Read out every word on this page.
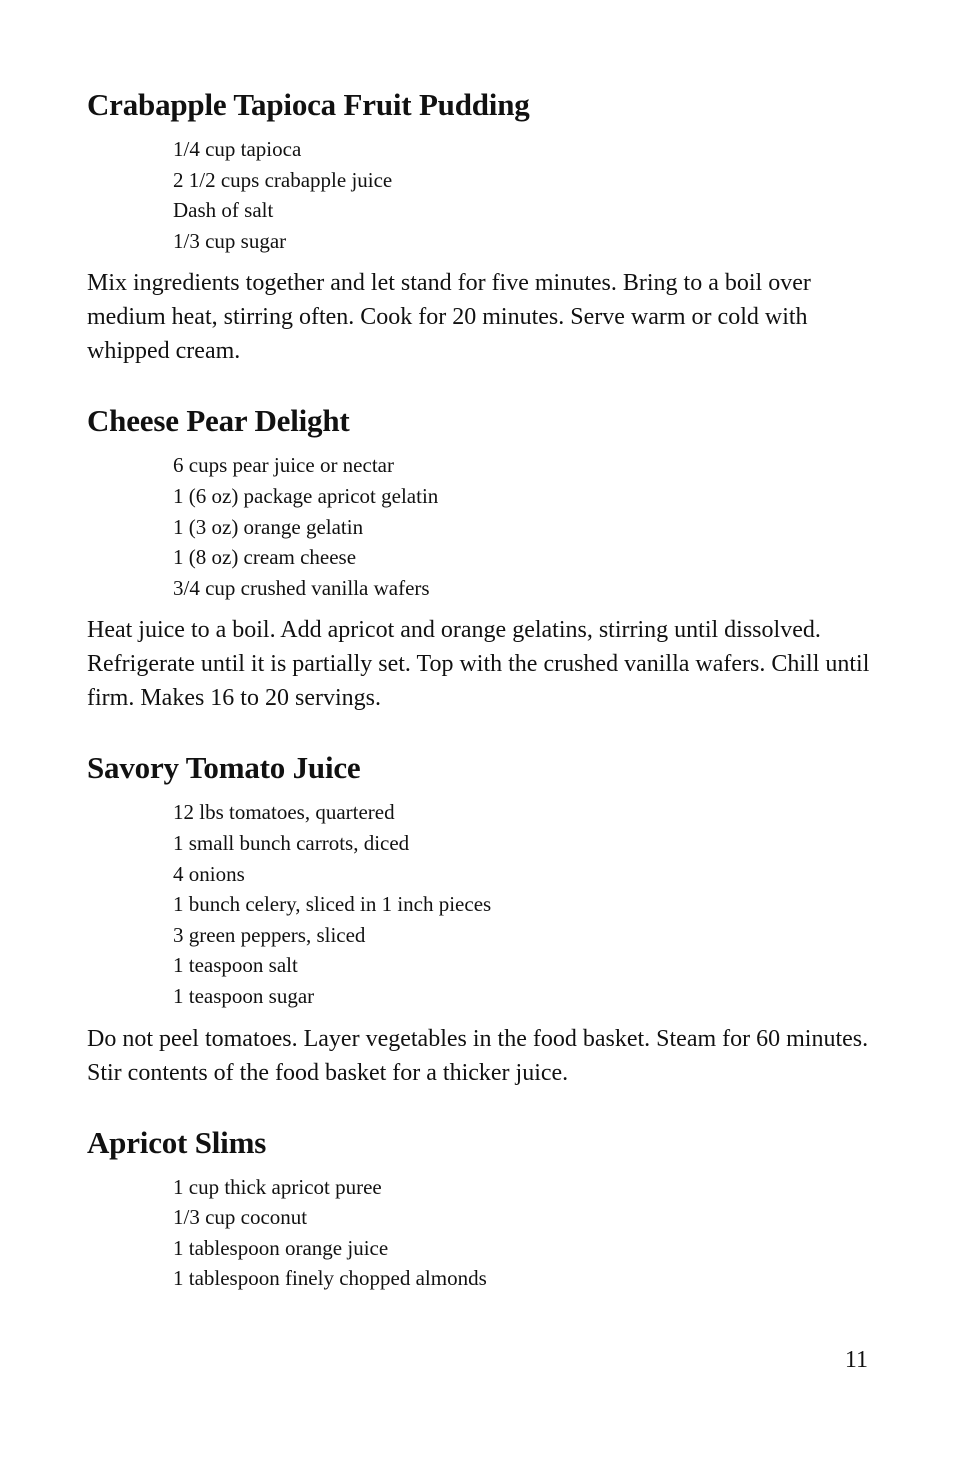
Crabapple Tapioca Fruit Pudding
1/4 cup tapioca
2 1/2 cups crabapple juice
Dash of salt
1/3 cup sugar

Mix ingredients together and let stand for five minutes. Bring to a boil over medium heat, stirring often. Cook for 20 minutes. Serve warm or cold with whipped cream.

Cheese Pear Delight
6 cups pear juice or nectar
1 (6 oz) package apricot gelatin
1 (3 oz) orange gelatin
1 (8 oz) cream cheese
3/4 cup crushed vanilla wafers

Heat juice to a boil. Add apricot and orange gelatins, stirring until dissolved. Refrigerate until it is partially set. Top with the crushed vanilla wafers. Chill until firm. Makes 16 to 20 servings.

Savory Tomato Juice
12 lbs tomatoes, quartered
1 small bunch carrots, diced
4 onions
1 bunch celery, sliced in 1 inch pieces
3 green peppers, sliced
1 teaspoon salt
1 teaspoon sugar

Do not peel tomatoes. Layer vegetables in the food basket. Steam for 60 minutes. Stir contents of the food basket for a thicker juice.

Apricot Slims
1 cup thick apricot puree
1/3 cup coconut
1 tablespoon orange juice
1 tablespoon finely chopped almonds
11
